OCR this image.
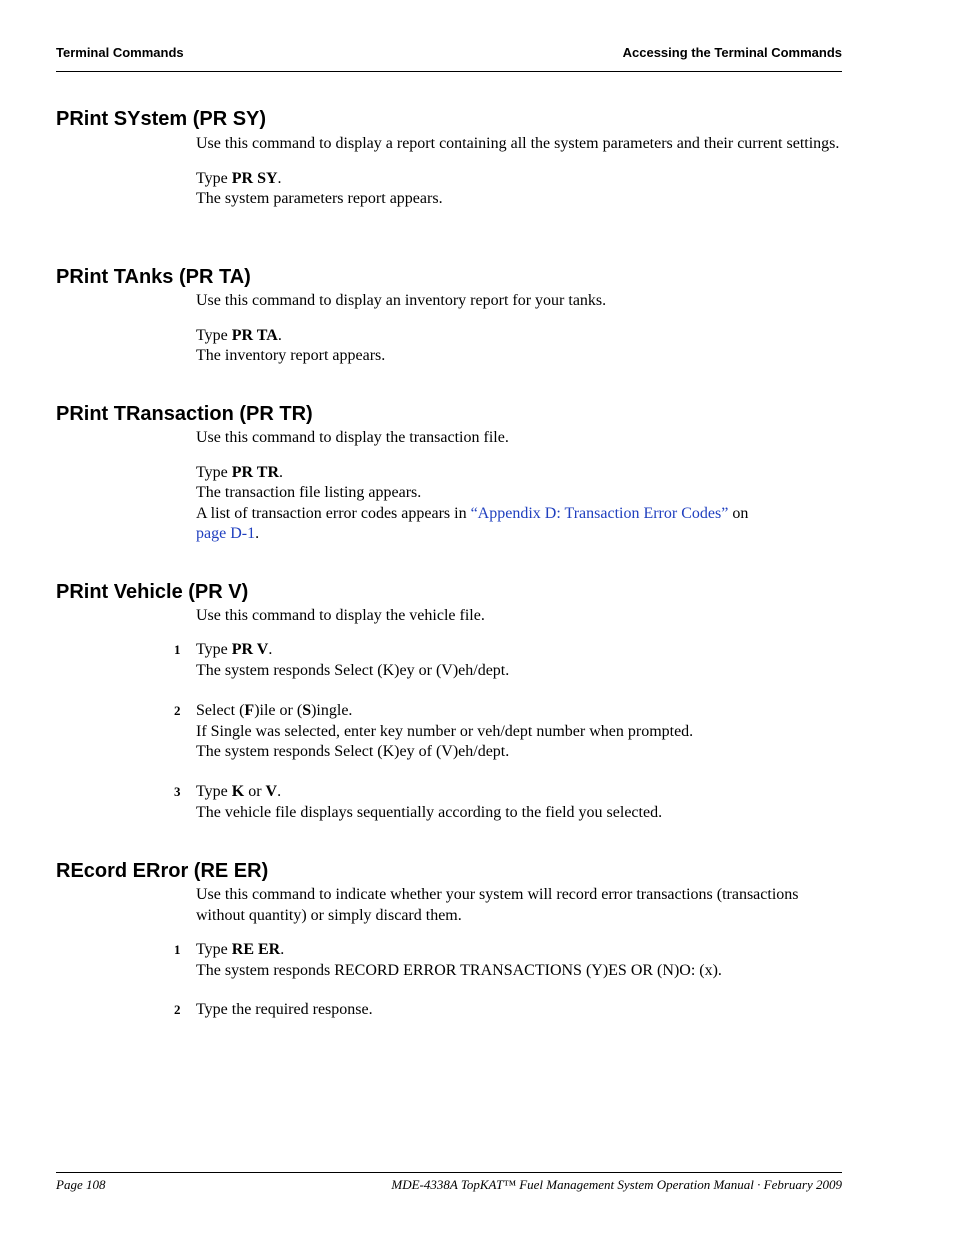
Terminal Commands	Accessing the Terminal Commands
PRint SYstem (PR SY)

Use this command to display a report containing all the system parameters and their current settings.

Type PR SY.

The system parameters report appears.

PRint TAnks (PR TA)

Use this command to display an inventory report for your tanks.

Type PR TA.

The inventory report appears.

PRint TRansaction (PR TR)

Use this command to display the transaction file.

Type PR TR.

The transaction file listing appears.

A list of transaction error codes appears in “Appendix D: Transaction Error Codes” on
page D-1.

PRint Vehicle (PR V)

Use this command to display the vehicle file.

1 Type PR V.

The system responds Select (K)ey or (V)eh/dept.

2 Select (F)ile or (S)ingle.

If Single was selected, enter key number or veh/dept number when prompted.

The system responds Select (K)ey of (V)eh/dept.

3 Type K or V.

The vehicle file displays sequentially according to the field you selected.

REcord ERror (RE ER)

Use this command to indicate whether your system will record error transactions (transactions without quantity) or simply discard them.

1 Type RE ER.

The system responds RECORD ERROR TRANSACTIONS (Y)ES OR (N)O: (x).

2 Type the required response.

Page 108	MDE-4338A TopKAT™ Fuel Management System Operation Manual · February 2009
